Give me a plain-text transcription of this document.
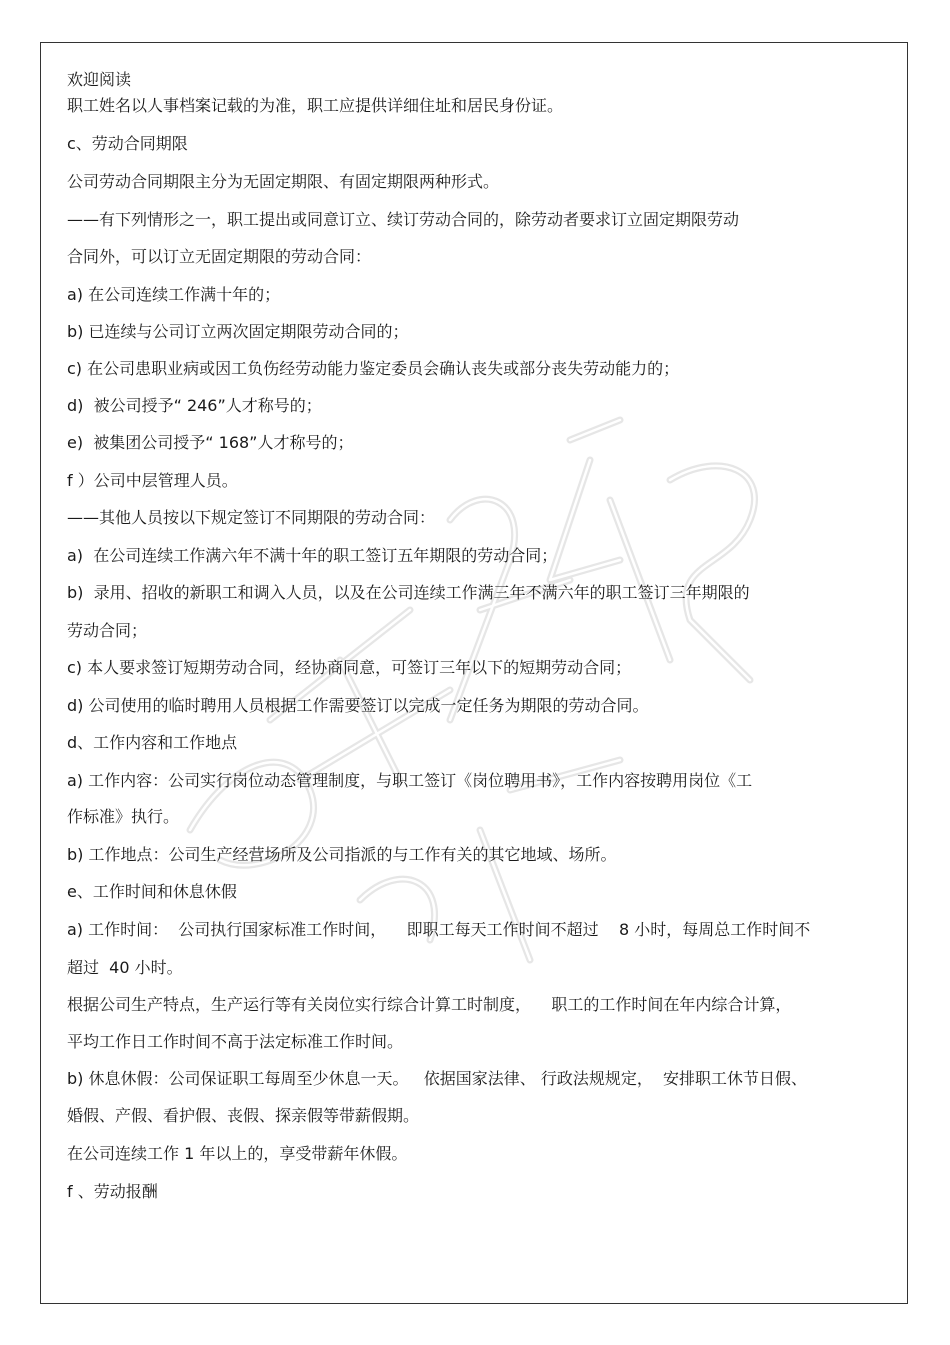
欢迎阅读
职工姓名以人事档案记载的为准，职工应提供详细住址和居民身份证。
c、劳动合同期限
公司劳动合同期限主分为无固定期限、有固定期限两种形式。
——有下列情形之一，职工提出或同意订立、续订劳动合同的，除劳动者要求订立固定期限劳动
合同外，可以订立无固定期限的劳动合同：
a) 在公司连续工作满十年的；
b) 已连续与公司订立两次固定期限劳动合同的；
c) 在公司患职业病或因工负伤经劳动能力鉴定委员会确认丧失或部分丧失劳动能力的；
d)  被公司授予“ 246”人才称号的；
e)  被集团公司授予“ 168”人才称号的；
f ）公司中层管理人员。
——其他人员按以下规定签订不同期限的劳动合同：
a)  在公司连续工作满六年不满十年的职工签订五年期限的劳动合同；
b)  录用、招收的新职工和调入人员，以及在公司连续工作满三年不满六年的职工签订三年期限的
劳动合同；
c) 本人要求签订短期劳动合同，经协商同意，可签订三年以下的短期劳动合同；
d) 公司使用的临时聘用人员根据工作需要签订以完成一定任务为期限的劳动合同。
d、工作内容和工作地点
a) 工作内容：公司实行岗位动态管理制度，与职工签订《岗位聘用书》，工作内容按聘用岗位《工
作标准》执行。
b) 工作地点：公司生产经营场所及公司指派的与工作有关的其它地域、场所。
e、工作时间和休息休假
a) 工作时间：  公司执行国家标准工作时间，    即职工每天工作时间不超过    8 小时，每周总工作时间不
超过  40 小时。
根据公司生产特点，生产运行等有关岗位实行综合计算工时制度，    职工的工作时间在年内综合计算，
平均工作日工作时间不高于法定标准工作时间。
b) 休息休假：公司保证职工每周至少休息一天。   依据国家法律、 行政法规规定，  安排职工休节日假、
婚假、产假、看护假、丧假、探亲假等带薪假期。
在公司连续工作 1 年以上的，享受带薪年休假。
f 、劳动报酬
